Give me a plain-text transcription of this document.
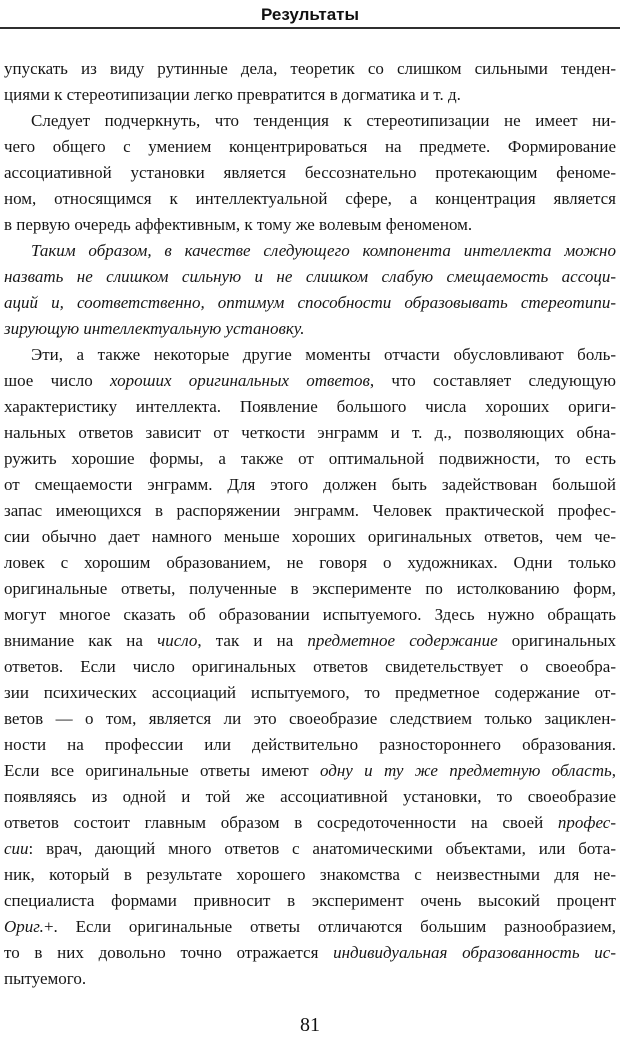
Результаты
упускать из виду рутинные дела, теоретик со слишком сильными тенден-
циями к стереотипизации легко превратится в догматика и т. д.
Следует подчеркнуть, что тенденция к стереотипизации не имеет ни-
чего общего с умением концентрироваться на предмете. Формирование
ассоциативной установки является бессознательно протекающим феноме-
ном, относящимся к интеллектуальной сфере, а концентрация является
в первую очередь аффективным, к тому же волевым феноменом.
Таким образом, в качестве следующего компонента интеллекта можно
назвать не слишком сильную и не слишком слабую смещаемость ассоци-
аций и, соответственно, оптимум способности образовывать стереотипи-
зирующую интеллектуальную установку.
Эти, а также некоторые другие моменты отчасти обусловливают боль-
шое число хороших оригинальных ответов, что составляет следующую
характеристику интеллекта. Появление большого числа хороших ориги-
нальных ответов зависит от четкости энграмм и т. д., позволяющих обна-
ружить хорошие формы, а также от оптимальной подвижности, то есть
от смещаемости энграмм. Для этого должен быть задействован большой
запас имеющихся в распоряжении энграмм. Человек практической профес-
сии обычно дает намного меньше хороших оригинальных ответов, чем че-
ловек с хорошим образованием, не говоря о художниках. Одни только
оригинальные ответы, полученные в эксперименте по истолкованию форм,
могут многое сказать об образовании испытуемого. Здесь нужно обращать
внимание как на число, так и на предметное содержание оригинальных
ответов. Если число оригинальных ответов свидетельствует о своеобра-
зии психических ассоциаций испытуемого, то предметное содержание от-
ветов — о том, является ли это своеобразие следствием только зациклен-
ности на профессии или действительно разностороннего образования.
Если все оригинальные ответы имеют одну и ту же предметную область,
появляясь из одной и той же ассоциативной установки, то своеобразие
ответов состоит главным образом в сосредоточенности на своей профес-
сии: врач, дающий много ответов с анатомическими объектами, или бота-
ник, который в результате хорошего знакомства с неизвестными для не-
специалиста формами привносит в эксперимент очень высокий процент
Ориг.+. Если оригинальные ответы отличаются большим разнообразием,
то в них довольно точно отражается индивидуальная образованность ис-
пытуемого.
81
